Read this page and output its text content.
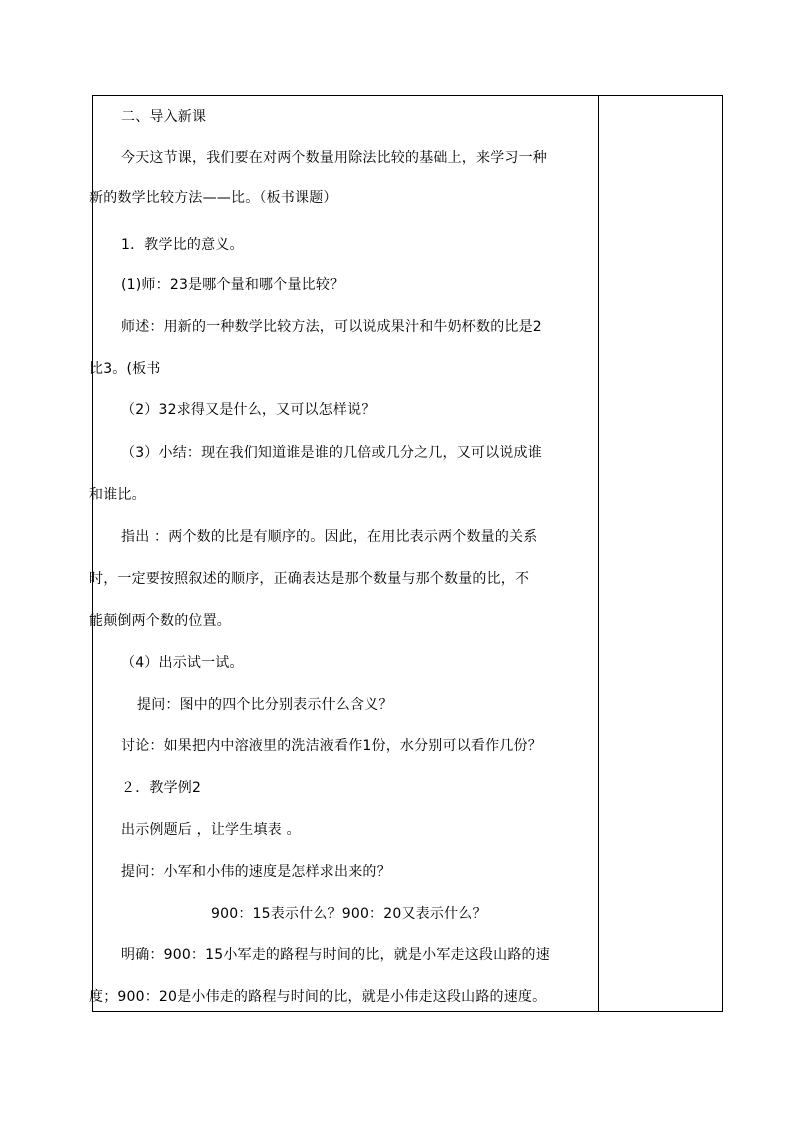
二、导入新课
今天这节课，我们要在对两个数量用除法比较的基础上，来学习一种
新的数学比较方法——比。（板书课题）
1．教学比的意义。
(1)师：23是哪个量和哪个量比较？
师述：用新的一种数学比较方法，可以说成果汁和牛奶杯数的比是2
比3。(板书
（2）32求得又是什么，又可以怎样说？
（3）小结：现在我们知道谁是谁的几倍或几分之几，又可以说成谁
和谁比。
指出 ：两个数的比是有顺序的。因此，在用比表示两个数量的关系
时，一定要按照叙述的顺序，正确表达是那个数量与那个数量的比，不
能颠倒两个数的位置。
（4）出示试一试。
提问：图中的四个比分别表示什么含义？
讨论：如果把内中溶液里的洗洁液看作1份，水分别可以看作几份？
２．教学例2
出示例题后 ，让学生填表 。
提问：小军和小伟的速度是怎样求出来的？
900：15表示什么？900：20又表示什么？
明确：900：15小军走的路程与时间的比，就是小军走这段山路的速
度；900：20是小伟走的路程与时间的比，就是小伟走这段山路的速度。
